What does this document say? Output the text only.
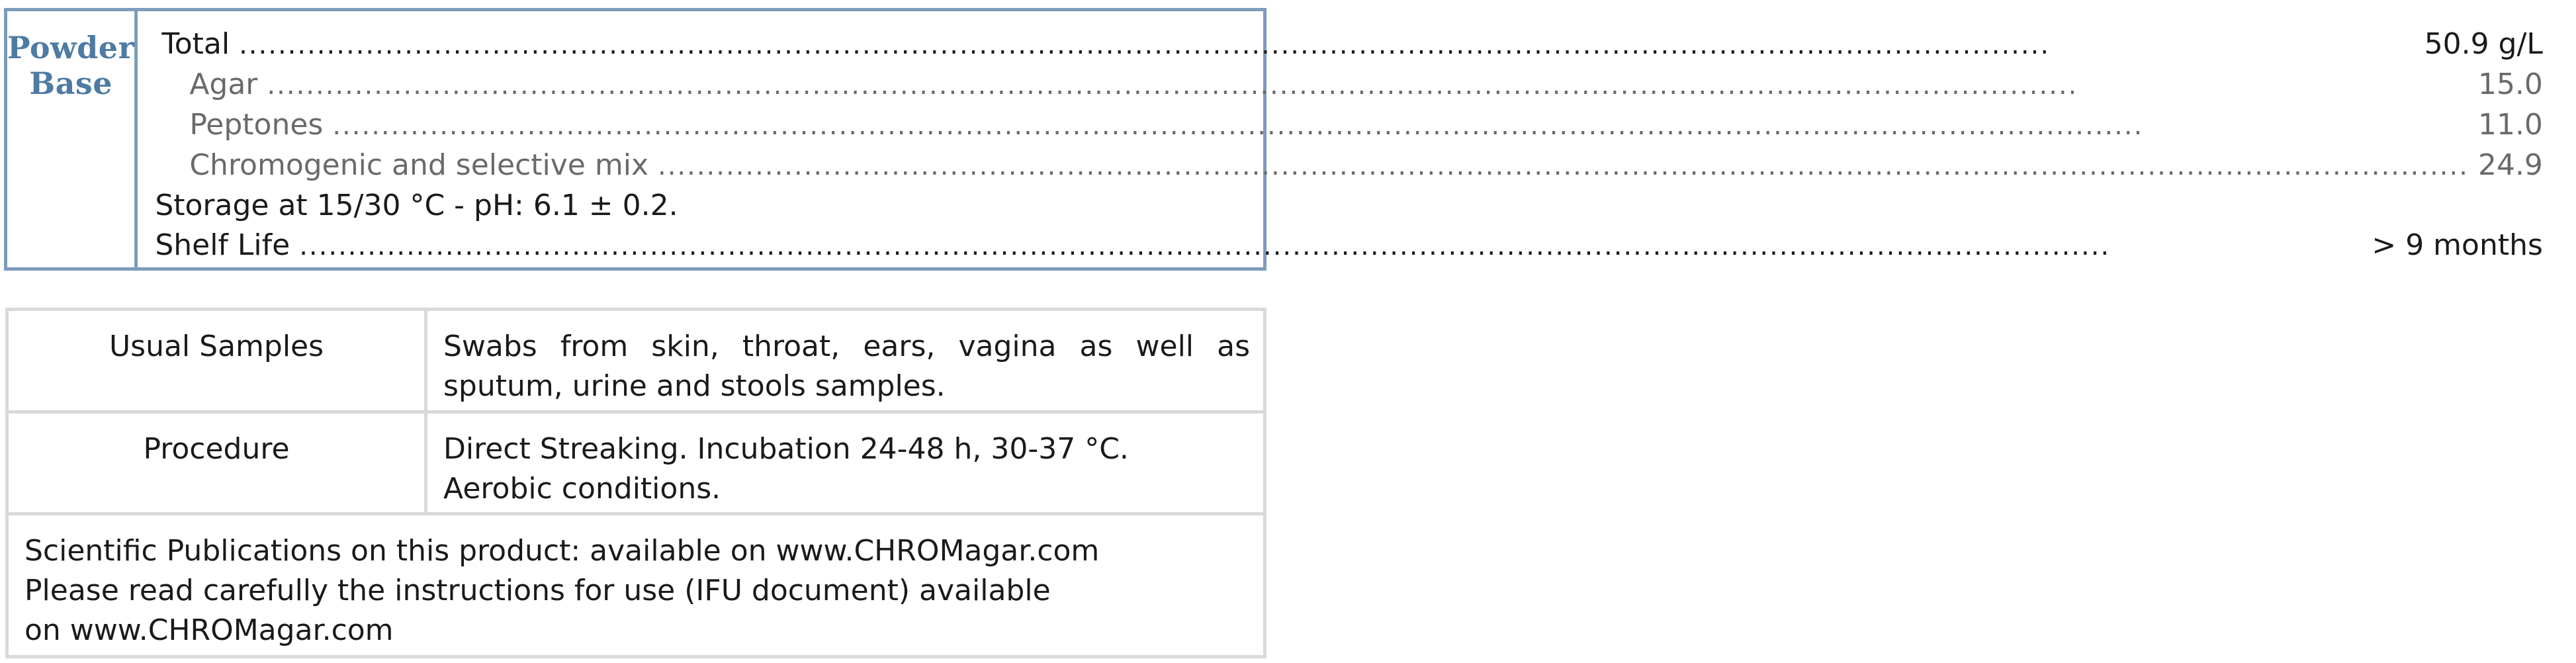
Powder Base
Total ..........................................................................................................................................................................................	50.9 g/L
Agar ..........................................................................................................................................................................................	15.0
Peptones ..........................................................................................................................................................................................	11.0
Chromogenic and selective mix .......................................................................................................................................................................................... 24.9
Storage at 15/30 °C - pH: 6.1 ± 0.2.
Shelf Life ..........................................................................................................................................................................................	> 9 months
Usual Samples	Swabs from skin, throat, ears, vagina as well as sputum, urine and stools samples.
Procedure	Direct Streaking. Incubation 24-48 h, 30-37 °C.
Aerobic conditions.
Scientific Publications on this product: available on www.CHROMagar.com
Please read carefully the instructions for use (IFU document) available
on www.CHROMagar.com
